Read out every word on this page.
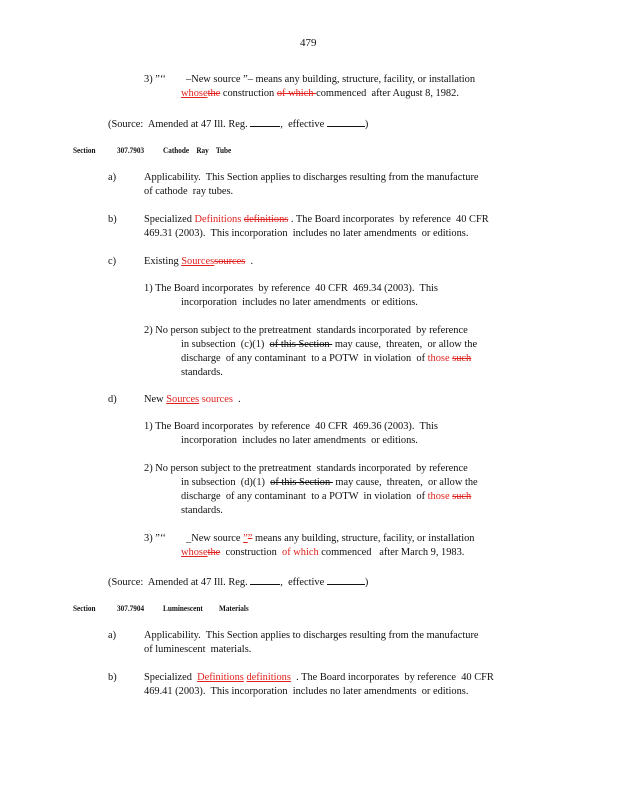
479
3) ”‘‘ –New source ”– means any building, structure, facility, or installation
whosethe construction of which commenced  after August 8, 1982.
(Source:  Amended at 47 Ill. Reg.	,  effective	)
Section	307.7903 Cathode    Ray    Tube
a)	Applicability.  This Section applies to discharges resulting from the manufacture
of cathode  ray tubes.
b)	Specialized Definitions definitions . The Board incorporates  by reference  40 CFR
469.31 (2003).  This incorporation  includes no later amendments  or editions.
c)	Existing Sourcessources  .
1) The Board incorporates  by reference  40 CFR  469.34 (2003).  This
incorporation  includes no later amendments  or editions.
2) No person subject to the pretreatment  standards incorporated  by reference
in subsection  (c)(1)  of this Section  may cause,  threaten,  or allow the
discharge  of any contaminant  to a POTW  in violation  of those such
standards.
d)	New Sources sources  .
1) The Board incorporates  by reference  40 CFR  469.36 (2003).  This
incorporation  includes no later amendments  or editions.
2) No person subject to the pretreatment  standards incorporated  by reference
in subsection  (d)(1)  of this Section  may cause,  threaten,  or allow the
discharge  of any contaminant  to a POTW  in violation  of those such
standards.
3) ”‘‘ _New source ”” means any building, structure, facility, or installation
whosethe  construction  of which commenced   after March 9, 1983.
(Source:  Amended at 47 Ill. Reg.	,  effective	)
Section	307.7904 Luminescent         Materials
a)	Applicability.  This Section applies to discharges resulting from the manufacture
of luminescent  materials.
b)	Specialized  Definitions definitions  . The Board incorporates  by reference  40 CFR
469.41 (2003).  This incorporation  includes no later amendments  or editions.
